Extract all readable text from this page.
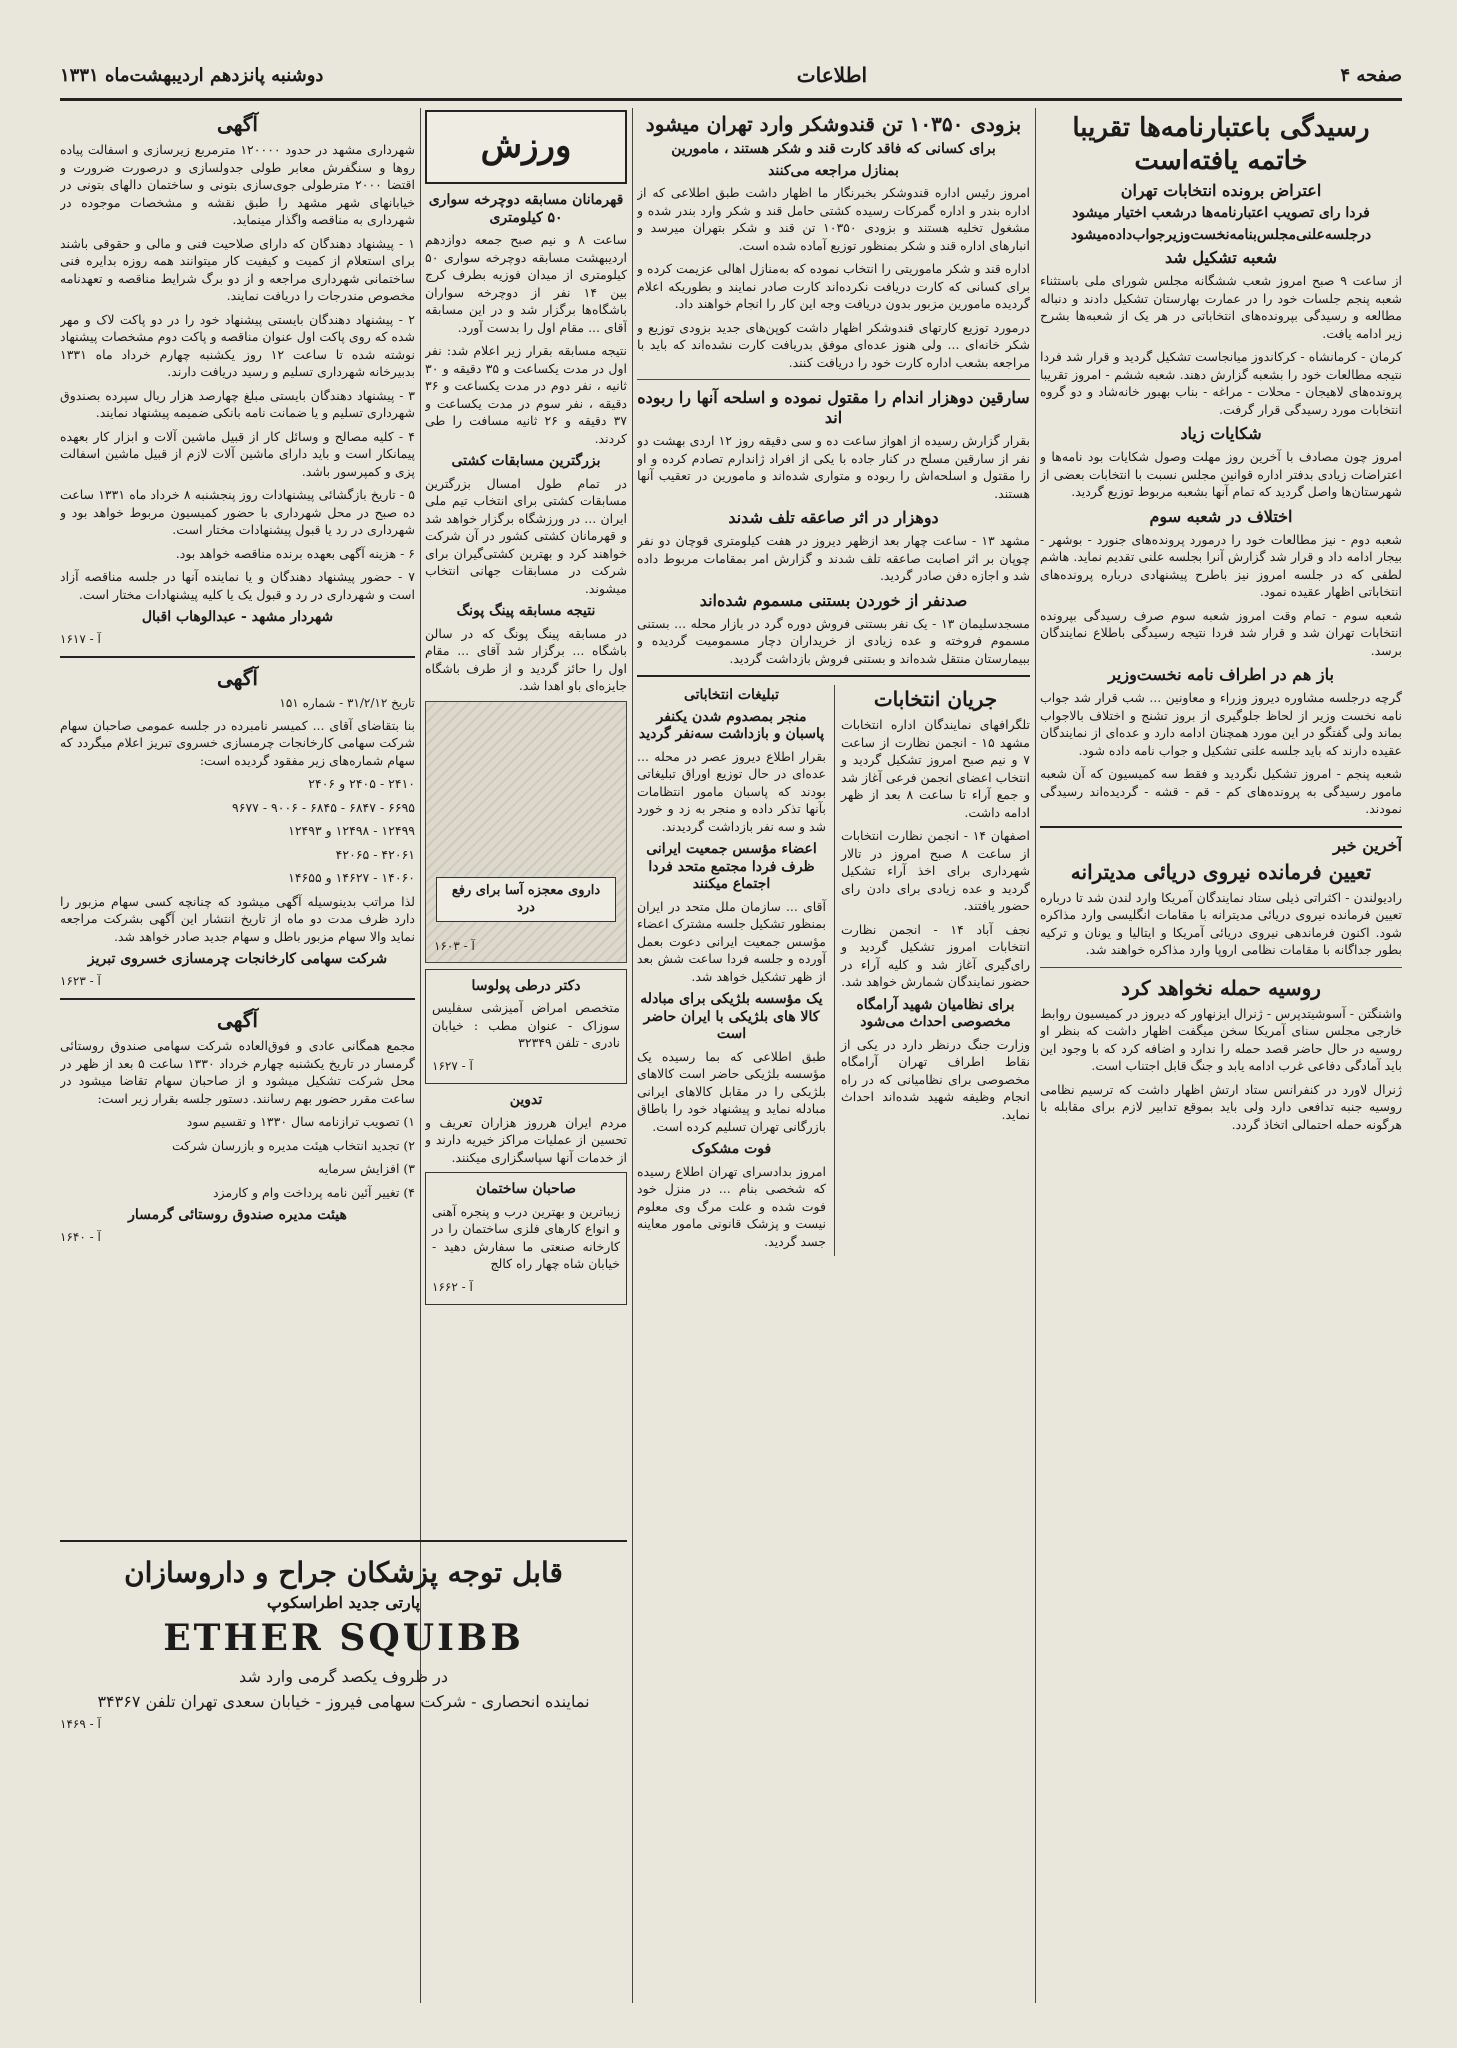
صفحه ۴
اطلاعات
دوشنبه پانزدهم اردیبهشت‌ماه ۱۳۳۱
رسیدگی باعتبارنامه‌ها تقریبا خاتمه یافته‌است
اعتراض برونده انتخابات تهران
فردا رای تصویب اعتبارنامه‌ها درشعب اختیار میشود
درجلسه‌علنی‌مجلس‌بنامه‌نخست‌وزیرجواب‌داده‌میشود
شعبه تشکیل شد

از ساعت ۹ صبح امروز شعب ششگانه مجلس شورای ملی باستثناء شعبه پنجم جلسات خود را در عمارت بهارستان تشکیل دادند و دنباله مطالعه و رسیدگی بپرونده‌های انتخاباتی در هر یک از شعبه‌ها بشرح زیر ادامه یافت.

کرمان - کرمانشاه - کرکاندوز میانجاست تشکیل گردید و قرار شد فردا نتیجه مطالعات خود را بشعبه گزارش دهند. شعبه ششم - امروز تقریبا پرونده‌های لاهیجان - محلات - مراغه - بناب بهبور خانه‌شاد و دو گروه انتخابات مورد رسیدگی قرار گرفت.

شکایات زیاد

امروز چون مصادف با آخرین روز مهلت وصول شکایات بود نامه‌ها و اعتراضات زیادی بدفتر اداره قوانین مجلس نسبت با انتخابات بعضی از شهرستان‌ها واصل گردید که تمام آنها بشعبه مربوط توزیع گردید.

اختلاف در شعبه سوم

شعبه دوم - نیز مطالعات خود را درمورد پرونده‌های جنورد - بوشهر - بیجار ادامه داد و قرار شد گزارش آنرا بجلسه علنی تقدیم نماید. هاشم لطفی که در جلسه امروز نیز باطرح پیشنهادی درباره پرونده‌های انتخاباتی اظهار عقیده نمود.

شعبه سوم - تمام وقت امروز شعبه سوم صرف رسیدگی بپرونده انتخابات تهران شد و قرار شد فردا نتیجه رسیدگی باطلاع نمایندگان برسد.

باز هم در اطراف نامه نخست‌وزیر

گرچه درجلسه مشاوره دیروز وزراء و معاونین ... شب قرار شد جواب نامه نخست وزیر از لحاظ جلوگیری از بروز تشنج و اختلاف بالاجواب بماند ولی گفتگو در این مورد همچنان ادامه دارد و عده‌ای از نمایندگان عقیده دارند که باید جلسه علنی تشکیل و جواب نامه داده شود.

شعبه پنجم - امروز تشکیل نگردید و فقط سه کمیسیون که آن شعبه مامور رسیدگی به پرونده‌های کم - قم - قشه - گردیده‌اند رسیدگی نمودند.

آخرین خبر
تعیین فرمانده نیروی دریائی مدیترانه

رادیولندن - اکثراتی ذیلی ستاد نمایندگان آمریکا وارد لندن شد تا درباره تعیین فرمانده نیروی دریائی مدیترانه با مقامات انگلیسی وارد مذاکره شود. اکنون فرماندهی نیروی دریائی آمریکا و ایتالیا و یونان و ترکیه بطور جداگانه با مقامات نظامی اروپا وارد مذاکره خواهند شد.

روسیه حمله نخواهد کرد

واشنگتن - آسوشیتدپرس - ژنرال ایزنهاور که دیروز در کمیسیون روابط خارجی مجلس سنای آمریکا سخن میگفت اظهار داشت که بنظر او روسیه در حال حاضر قصد حمله را ندارد و اضافه کرد که با وجود این باید آمادگی دفاعی غرب ادامه یابد و جنگ قابل اجتناب است.

ژنرال لاورد در کنفرانس ستاد ارتش اظهار داشت که ترسیم نظامی روسیه جنبه تدافعی دارد ولی باید بموقع تدابیر لازم برای مقابله با هرگونه حمله احتمالی اتخاذ گردد.

بزودی ۱۰۳۵۰ تن قندوشکر وارد تهران میشود
برای کسانی که فاقد کارت قند و شکر هستند ، مامورین
بمنازل مراجعه می‌کنند

امروز رئیس اداره قندوشکر بخبرنگار ما اظهار داشت طبق اطلاعی که از اداره بندر و اداره گمرکات رسیده کشتی حامل قند و شکر وارد بندر شده و مشغول تخلیه هستند و بزودی ۱۰۳۵۰ تن قند و شکر بتهران میرسد و انبارهای اداره قند و شکر بمنظور توزیع آماده شده است.

اداره قند و شکر ماموریتی را انتخاب نموده که به‌منازل اهالی عزیمت کرده و برای کسانی که کارت دریافت نکرده‌اند کارت صادر نمایند و بطوریکه اعلام گردیده مامورین مزبور بدون دریافت وجه این کار را انجام خواهند داد.

درمورد توزیع کارتهای قندوشکر اظهار داشت کوپن‌های جدید بزودی توزیع و شکر خانه‌ای ... ولی هنوز عده‌ای موفق بدریافت کارت نشده‌اند که باید با مراجعه بشعب اداره کارت خود را دریافت کنند.

سارقین دوهزار اندام را مقتول نموده و اسلحه آنها را ربوده اند

بقرار گزارش رسیده از اهواز ساعت ده و سی دقیقه روز ۱۲ اردی بهشت دو نفر از سارقین مسلح در کنار جاده با یکی از افراد ژاندارم تصادم کرده و او را مقتول و اسلحه‌اش را ربوده و متواری شده‌اند و مامورین در تعقیب آنها هستند.

دوهزار در اثر صاعقه تلف شدند

مشهد ۱۳ - ساعت چهار بعد ازظهر دیروز در هفت کیلومتری قوچان دو نفر چوپان بر اثر اصابت صاعقه تلف شدند و گزارش امر بمقامات مربوط داده شد و اجازه دفن صادر گردید.

صدنفر از خوردن بستنی مسموم شده‌اند

مسجدسلیمان ۱۳ - یک نفر بستنی فروش دوره گرد در بازار محله ... بستنی مسموم فروخته و عده زیادی از خریداران دچار مسمومیت گردیده و ببیمارستان منتقل شده‌اند و بستنی فروش بازداشت گردید.

جریان انتخابات

تلگرافهای نمایندگان اداره انتخابات مشهد ۱۵ - انجمن نظارت از ساعت ۷ و نیم صبح امروز تشکیل گردید و انتخاب اعضای انجمن فرعی آغاز شد و جمع آراء تا ساعت ۸ بعد از ظهر ادامه داشت.

اصفهان ۱۴ - انجمن نظارت انتخابات از ساعت ۸ صبح امروز در تالار شهرداری برای اخذ آراء تشکیل گردید و عده زیادی برای دادن رای حضور یافتند.

نجف آباد ۱۴ - انجمن نظارت انتخابات امروز تشکیل گردید و رای‌گیری آغاز شد و کلیه آراء در حضور نمایندگان شمارش خواهد شد.

برای نظامیان شهید آرامگاه مخصوصی احداث می‌شود

وزارت جنگ درنظر دارد در یکی از نقاط اطراف تهران آرامگاه مخصوصی برای نظامیانی که در راه انجام وظیفه شهید شده‌اند احداث نماید.

تبلیغات انتخاباتی
منجر بمصدوم شدن یکنفر پاسبان و بازداشت سه‌نفر گردید

بقرار اطلاع دیروز عصر در محله ... عده‌ای در حال توزیع اوراق تبلیغاتی بودند که پاسبان مامور انتظامات بآنها تذکر داده و منجر به زد و خورد شد و سه نفر بازداشت گردیدند.

اعضاء مؤسس جمعیت ایرانی ظرف فردا مجتمع متحد فردا اجتماع میکنند

آقای ... سازمان ملل متحد در ایران بمنظور تشکیل جلسه مشترک اعضاء مؤسس جمعیت ایرانی دعوت بعمل آورده و جلسه فردا ساعت شش بعد از ظهر تشکیل خواهد شد.

یک مؤسسه بلژیکی برای مبادله کالا های بلژیکی با ایران حاضر است

طبق اطلاعی که بما رسیده یک مؤسسه بلژیکی حاضر است کالاهای بلژیکی را در مقابل کالاهای ایرانی مبادله نماید و پیشنهاد خود را باطاق بازرگانی تهران تسلیم کرده است.

فوت مشکوک

امروز بدادسرای تهران اطلاع رسیده که شخصی بنام ... در منزل خود فوت شده و علت مرگ وی معلوم نیست و پزشک قانونی مامور معاینه جسد گردید.

ورزش
قهرمانان مسابقه دوچرخه سواری ۵۰ کیلومتری

ساعت ۸ و نیم صبح جمعه دوازدهم اردیبهشت مسابقه دوچرخه سواری ۵۰ کیلومتری از میدان فوزیه بطرف کرج بین ۱۴ نفر از دوچرخه سواران باشگاه‌ها برگزار شد و در این مسابقه آقای ... مقام اول را بدست آورد.

نتیجه مسابقه بقرار زیر اعلام شد: نفر اول در مدت یکساعت و ۳۵ دقیقه و ۳۰ ثانیه ، نفر دوم در مدت یکساعت و ۳۶ دقیقه ، نفر سوم در مدت یکساعت و ۳۷ دقیقه و ۲۶ ثانیه مسافت را طی کردند.

بزرگترین مسابقات کشتی

در تمام طول امسال بزرگترین مسابقات کشتی برای انتخاب تیم ملی ایران ... در ورزشگاه برگزار خواهد شد و قهرمانان کشتی کشور در آن شرکت خواهند کرد و بهترین کشتی‌گیران برای شرکت در مسابقات جهانی انتخاب میشوند.

نتیجه مسابقه پینگ پونگ

در مسابقه پینگ پونگ که در سالن باشگاه ... برگزار شد آقای ... مقام اول را حائز گردید و از طرف باشگاه جایزه‌ای باو اهدا شد.

داروی معجزه آسا برای رفع درد
آ - ۱۶۰۳
دکتر درطی پولوسا

متخصص امراض آمیزشی سفلیس سوزاک - عنوان مطب : خیابان نادری - تلفن ۳۲۳۴۹

آ - ۱۶۲۷
تدوین

مردم ایران هرروز هزاران تعریف و تحسین از عملیات مراکز خیریه دارند و از خدمات آنها سپاسگزاری میکنند.

صاحبان ساختمان

زیباترین و بهترین درب و پنجره آهنی و انواع کارهای فلزی ساختمان را در کارخانه صنعتی ما سفارش دهید - خیابان شاه چهار راه کالج

آ - ۱۶۶۲
آگهی

شهرداری مشهد در حدود ۱۲۰۰۰۰ مترمربع زیرسازی و اسفالت پیاده روها و سنگفرش معابر طولی جدولسازی و درصورت ضرورت و اقتضا ۲۰۰۰ مترطولی جوی‌سازی بتونی و ساختمان دالهای بتونی در خیابانهای شهر مشهد را طبق نقشه و مشخصات موجوده در شهرداری به مناقصه واگذار مینماید.

۱ - پیشنهاد دهندگان که دارای صلاحیت فنی و مالی و حقوقی باشند برای استعلام از کمیت و کیفیت کار میتوانند همه روزه بدایره فنی ساختمانی شهرداری مراجعه و از دو برگ شرایط مناقصه و تعهدنامه مخصوص مندرجات را دریافت نمایند.

۲ - پیشنهاد دهندگان بایستی پیشنهاد خود را در دو پاکت لاک و مهر شده که روی پاکت اول عنوان مناقصه و پاکت دوم مشخصات پیشنهاد نوشته شده تا ساعت ۱۲ روز یکشنبه چهارم خرداد ماه ۱۳۳۱ بدبیرخانه شهرداری تسلیم و رسید دریافت دارند.

۳ - پیشنهاد دهندگان بایستی مبلغ چهارصد هزار ریال سپرده بصندوق شهرداری تسلیم و یا ضمانت نامه بانکی ضمیمه پیشنهاد نمایند.

۴ - کلیه مصالح و وسائل کار از قبیل ماشین آلات و ابزار کار بعهده پیمانکار است و باید دارای ماشین آلات لازم از قبیل ماشین اسفالت پزی و کمپرسور باشد.

۵ - تاریخ بازگشائی پیشنهادات روز پنجشنبه ۸ خرداد ماه ۱۳۳۱ ساعت ده صبح در محل شهرداری با حضور کمیسیون مربوط خواهد بود و شهرداری در رد یا قبول پیشنهادات مختار است.

۶ - هزینه آگهی بعهده برنده مناقصه خواهد بود.

۷ - حضور پیشنهاد دهندگان و یا نماینده آنها در جلسه مناقصه آزاد است و شهرداری در رد و قبول یک یا کلیه پیشنهادات مختار است.

شهردار مشهد - عبدالوهاب اقبال
آ - ۱۶۱۷
آگهی
تاریخ ۳۱/۲/۱۲ - شماره ۱۵۱

بنا بتقاضای آقای ... کمیسر نامبرده در جلسه عمومی صاحبان سهام شرکت سهامی کارخانجات چرمسازی خسروی تبریز اعلام میگردد که سهام شماره‌های زیر مفقود گردیده است:

۲۴۱۰ - ۲۴۰۵ و ۲۴۰۶
۶۶۹۵ - ۶۸۴۷ - ۶۸۴۵ - ۹۰۰۶ - ۹۶۷۷
۱۲۴۹۹ - ۱۲۴۹۸ و ۱۲۴۹۳
۴۲۰۶۱ - ۴۲۰۶۵
۱۴۰۶۰ - ۱۴۶۲۷ و ۱۴۶۵۵

لذا مراتب بدینوسیله آگهی میشود که چنانچه کسی سهام مزبور را دارد ظرف مدت دو ماه از تاریخ انتشار این آگهی بشرکت مراجعه نماید والا سهام مزبور باطل و سهام جدید صادر خواهد شد.

شرکت سهامی کارخانجات چرمسازی خسروی تبریز
آ - ۱۶۲۳
آگهی

مجمع همگانی عادی و فوق‌العاده شرکت سهامی صندوق روستائی گرمسار در تاریخ یکشنبه چهارم خرداد ۱۳۳۰ ساعت ۵ بعد از ظهر در محل شرکت تشکیل میشود و از صاحبان سهام تقاضا میشود در ساعت مقرر حضور بهم رسانند. دستور جلسه بقرار زیر است:

۱) تصویب ترازنامه سال ۱۳۳۰ و تقسیم سود
۲) تجدید انتخاب هیئت مدیره و بازرسان شرکت
۳) افزایش سرمایه
۴) تغییر آئین نامه پرداخت وام و کارمزد
هیئت مدیره صندوق روستائی گرمسار
آ - ۱۶۴۰
قابل توجه پزشکان جراح و داروسازان
پارتی جدید اطراسکوپ
ETHER SQUIBB
در ظروف یکصد گرمی وارد شد
نماینده انحصاری - شرکت سهامی فیروز - خیابان سعدی تهران تلفن ۳۴۳۶۷
آ - ۱۴۶۹
